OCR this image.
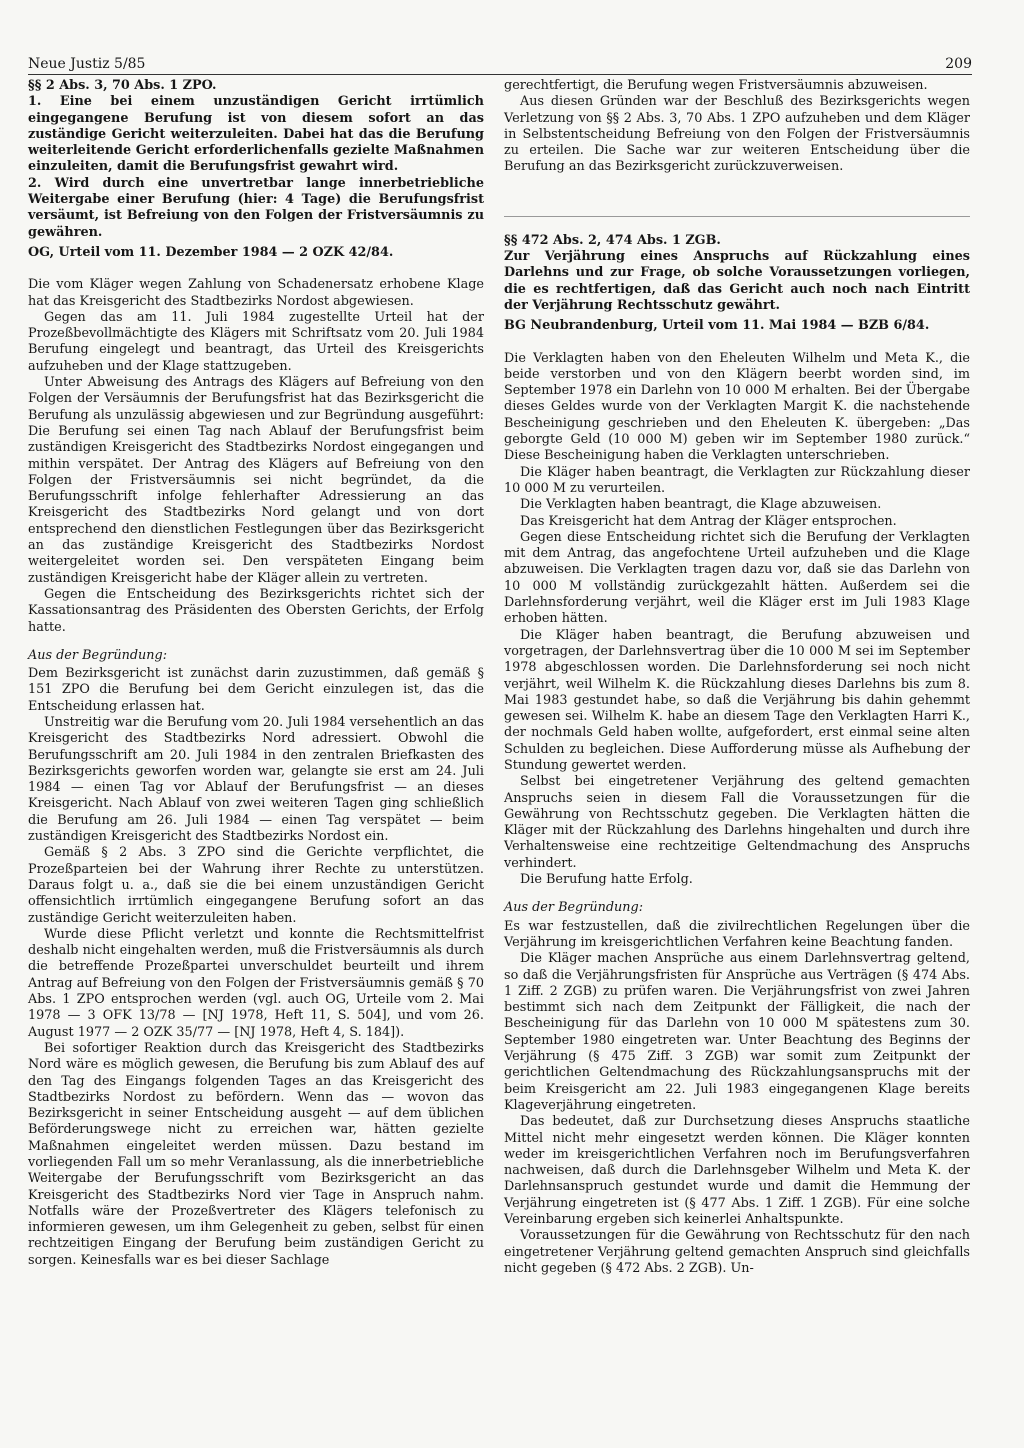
Neue Justiz 5/85	209

§§ 2 Abs. 3, 70 Abs. 1 ZPO.

1. Eine bei einem unzuständigen Gericht irrtümlich eingegangene Berufung ist von diesem sofort an das zuständige Gericht weiterzuleiten. Dabei hat das die Berufung weiterleitende Gericht erforderlichenfalls gezielte Maßnahmen einzuleiten, damit die Berufungsfrist gewahrt wird.

2. Wird durch eine unvertretbar lange innerbetriebliche Weitergabe einer Berufung (hier: 4 Tage) die Berufungsfrist versäumt, ist Befreiung von den Folgen der Fristversäumnis zu gewähren.

OG, Urteil vom 11. Dezember 1984 — 2 OZK 42/84.

Die vom Kläger wegen Zahlung von Schadenersatz erhobene Klage hat das Kreisgericht des Stadtbezirks Nordost abgewiesen.

Gegen das am 11. Juli 1984 zugestellte Urteil hat der Prozeßbevollmächtigte des Klägers mit Schriftsatz vom 20. Juli 1984 Berufung eingelegt und beantragt, das Urteil des Kreisgerichts aufzuheben und der Klage stattzugeben.

Unter Abweisung des Antrags des Klägers auf Befreiung von den Folgen der Versäumnis der Berufungsfrist hat das Bezirksgericht die Berufung als unzulässig abgewiesen und zur Begründung ausgeführt: Die Berufung sei einen Tag nach Ablauf der Berufungsfrist beim zuständigen Kreisgericht des Stadtbezirks Nordost eingegangen und mithin verspätet. Der Antrag des Klägers auf Befreiung von den Folgen der Fristversäumnis sei nicht begründet, da die Berufungsschrift infolge fehlerhafter Adressierung an das Kreisgericht des Stadtbezirks Nord gelangt und von dort entsprechend den dienstlichen Festlegungen über das Bezirksgericht an das zuständige Kreisgericht des Stadtbezirks Nordost weitergeleitet worden sei. Den verspäteten Eingang beim zuständigen Kreisgericht habe der Kläger allein zu vertreten.

Gegen die Entscheidung des Bezirksgerichts richtet sich der Kassationsantrag des Präsidenten des Obersten Gerichts, der Erfolg hatte.

Aus der Begründung:

Dem Bezirksgericht ist zunächst darin zuzustimmen, daß gemäß § 151 ZPO die Berufung bei dem Gericht einzulegen ist, das die Entscheidung erlassen hat.

Unstreitig war die Berufung vom 20. Juli 1984 versehentlich an das Kreisgericht des Stadtbezirks Nord adressiert. Obwohl die Berufungsschrift am 20. Juli 1984 in den zentralen Briefkasten des Bezirksgerichts geworfen worden war, gelangte sie erst am 24. Juli 1984 — einen Tag vor Ablauf der Berufungsfrist — an dieses Kreisgericht. Nach Ablauf von zwei weiteren Tagen ging schließlich die Berufung am 26. Juli 1984 — einen Tag verspätet — beim zuständigen Kreisgericht des Stadtbezirks Nordost ein.

Gemäß § 2 Abs. 3 ZPO sind die Gerichte verpflichtet, die Prozeßparteien bei der Wahrung ihrer Rechte zu unterstützen. Daraus folgt u. a., daß sie die bei einem unzuständigen Gericht offensichtlich irrtümlich eingegangene Berufung sofort an das zuständige Gericht weiterzuleiten haben.

Wurde diese Pflicht verletzt und konnte die Rechtsmittelfrist deshalb nicht eingehalten werden, muß die Fristversäumnis als durch die betreffende Prozeßpartei unverschuldet beurteilt und ihrem Antrag auf Befreiung von den Folgen der Fristversäumnis gemäß § 70 Abs. 1 ZPO entsprochen werden (vgl. auch OG, Urteile vom 2. Mai 1978 — 3 OFK 13/78 — [NJ 1978, Heft 11, S. 504], und vom 26. August 1977 — 2 OZK 35/77 — [NJ 1978, Heft 4, S. 184]).

Bei sofortiger Reaktion durch das Kreisgericht des Stadtbezirks Nord wäre es möglich gewesen, die Berufung bis zum Ablauf des auf den Tag des Eingangs folgenden Tages an das Kreisgericht des Stadtbezirks Nordost zu befördern. Wenn das — wovon das Bezirksgericht in seiner Entscheidung ausgeht — auf dem üblichen Beförderungswege nicht zu erreichen war, hätten gezielte Maßnahmen eingeleitet werden müssen. Dazu bestand im vorliegenden Fall um so mehr Veranlassung, als die innerbetriebliche Weitergabe der Berufungsschrift vom Bezirksgericht an das Kreisgericht des Stadtbezirks Nord vier Tage in Anspruch nahm. Notfalls wäre der Prozeßvertreter des Klägers telefonisch zu informieren gewesen, um ihm Gelegenheit zu geben, selbst für einen rechtzeitigen Eingang der Berufung beim zuständigen Gericht zu sorgen. Keinesfalls war es bei dieser Sachlage

gerechtfertigt, die Berufung wegen Fristversäumnis abzuweisen.

Aus diesen Gründen war der Beschluß des Bezirksgerichts wegen Verletzung von §§ 2 Abs. 3, 70 Abs. 1 ZPO aufzuheben und dem Kläger in Selbstentscheidung Befreiung von den Folgen der Fristversäumnis zu erteilen. Die Sache war zur weiteren Entscheidung über die Berufung an das Bezirksgericht zurückzuverweisen.

§§ 472 Abs. 2, 474 Abs. 1 ZGB.

Zur Verjährung eines Anspruchs auf Rückzahlung eines Darlehns und zur Frage, ob solche Voraussetzungen vorliegen, die es rechtfertigen, daß das Gericht auch noch nach Eintritt der Verjährung Rechtsschutz gewährt.

BG Neubrandenburg, Urteil vom 11. Mai 1984 — BZB 6/84.

Die Verklagten haben von den Eheleuten Wilhelm und Meta K., die beide verstorben und von den Klägern beerbt worden sind, im September 1978 ein Darlehn von 10 000 M erhalten. Bei der Übergabe dieses Geldes wurde von der Verklagten Margit K. die nachstehende Bescheinigung geschrieben und den Eheleuten K. übergeben: „Das geborgte Geld (10 000 M) geben wir im September 1980 zurück.“ Diese Bescheinigung haben die Verklagten unterschrieben.

Die Kläger haben beantragt, die Verklagten zur Rückzahlung dieser 10 000 M zu verurteilen.

Die Verklagten haben beantragt, die Klage abzuweisen.

Das Kreisgericht hat dem Antrag der Kläger entsprochen.

Gegen diese Entscheidung richtet sich die Berufung der Verklagten mit dem Antrag, das angefochtene Urteil aufzuheben und die Klage abzuweisen. Die Verklagten tragen dazu vor, daß sie das Darlehn von 10 000 M vollständig zurückgezahlt hätten. Außerdem sei die Darlehnsforderung verjährt, weil die Kläger erst im Juli 1983 Klage erhoben hätten.

Die Kläger haben beantragt, die Berufung abzuweisen und vorgetragen, der Darlehnsvertrag über die 10 000 M sei im September 1978 abgeschlossen worden. Die Darlehnsforderung sei noch nicht verjährt, weil Wilhelm K. die Rückzahlung dieses Darlehns bis zum 8. Mai 1983 gestundet habe, so daß die Verjährung bis dahin gehemmt gewesen sei. Wilhelm K. habe an diesem Tage den Verklagten Harri K., der nochmals Geld haben wollte, aufgefordert, erst einmal seine alten Schulden zu begleichen. Diese Aufforderung müsse als Aufhebung der Stundung gewertet werden.

Selbst bei eingetretener Verjährung des geltend gemachten Anspruchs seien in diesem Fall die Voraussetzungen für die Gewährung von Rechtsschutz gegeben. Die Verklagten hätten die Kläger mit der Rückzahlung des Darlehns hingehalten und durch ihre Verhaltensweise eine rechtzeitige Geltendmachung des Anspruchs verhindert.

Die Berufung hatte Erfolg.

Aus der Begründung:

Es war festzustellen, daß die zivilrechtlichen Regelungen über die Verjährung im kreisgerichtlichen Verfahren keine Beachtung fanden.

Die Kläger machen Ansprüche aus einem Darlehnsvertrag geltend, so daß die Verjährungsfristen für Ansprüche aus Verträgen (§ 474 Abs. 1 Ziff. 2 ZGB) zu prüfen waren. Die Verjährungsfrist von zwei Jahren bestimmt sich nach dem Zeitpunkt der Fälligkeit, die nach der Bescheinigung für das Darlehn von 10 000 M spätestens zum 30. September 1980 eingetreten war. Unter Beachtung des Beginns der Verjährung (§ 475 Ziff. 3 ZGB) war somit zum Zeitpunkt der gerichtlichen Geltendmachung des Rückzahlungsanspruchs mit der beim Kreisgericht am 22. Juli 1983 eingegangenen Klage bereits Klageverjährung eingetreten.

Das bedeutet, daß zur Durchsetzung dieses Anspruchs staatliche Mittel nicht mehr eingesetzt werden können. Die Kläger konnten weder im kreisgerichtlichen Verfahren noch im Berufungsverfahren nachweisen, daß durch die Darlehnsgeber Wilhelm und Meta K. der Darlehnsanspruch gestundet wurde und damit die Hemmung der Verjährung eingetreten ist (§ 477 Abs. 1 Ziff. 1 ZGB). Für eine solche Vereinbarung ergeben sich keinerlei Anhaltspunkte.

Voraussetzungen für die Gewährung von Rechtsschutz für den nach eingetretener Verjährung geltend gemachten Anspruch sind gleichfalls nicht gegeben (§ 472 Abs. 2 ZGB). Un-
